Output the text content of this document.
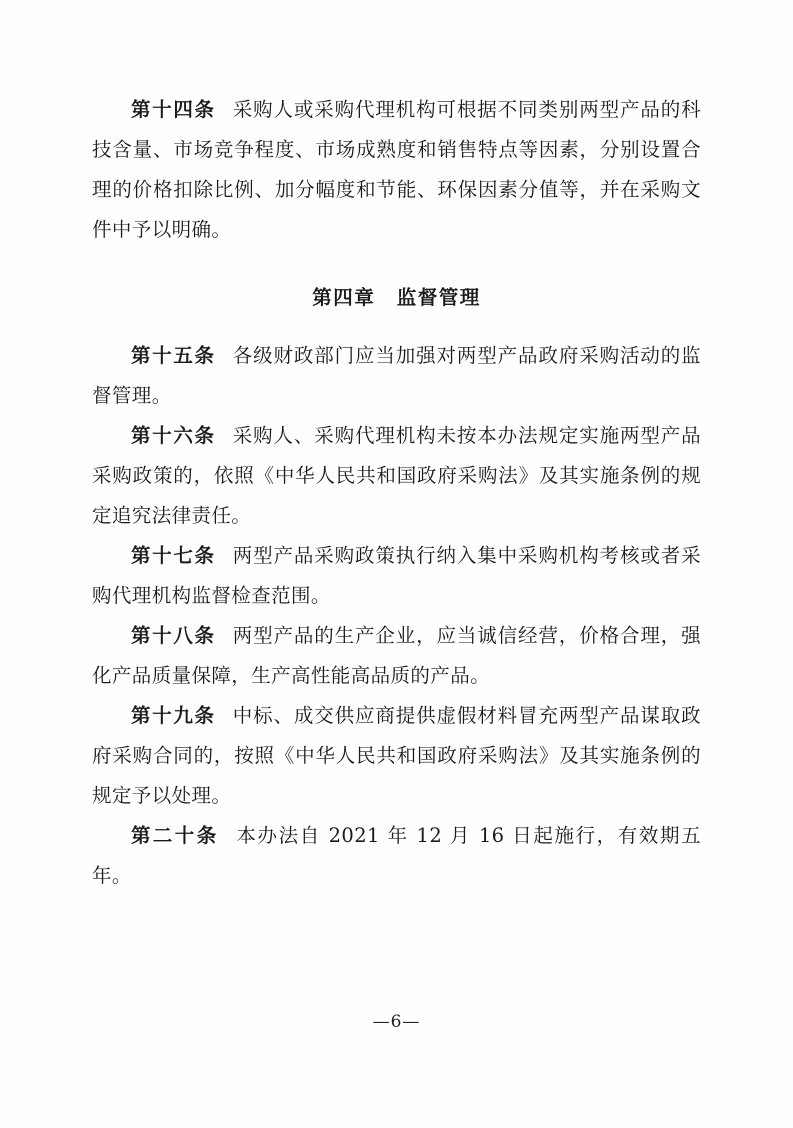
第十四条 采购人或采购代理机构可根据不同类别两型产品的科技含量、市场竞争程度、市场成熟度和销售特点等因素，分别设置合理的价格扣除比例、加分幅度和节能、环保因素分值等，并在采购文件中予以明确。

第四章 监督管理

第十五条 各级财政部门应当加强对两型产品政府采购活动的监督管理。

第十六条 采购人、采购代理机构未按本办法规定实施两型产品采购政策的，依照《中华人民共和国政府采购法》及其实施条例的规定追究法律责任。

第十七条 两型产品采购政策执行纳入集中采购机构考核或者采购代理机构监督检查范围。

第十八条 两型产品的生产企业，应当诚信经营，价格合理，强化产品质量保障，生产高性能高品质的产品。

第十九条 中标、成交供应商提供虚假材料冒充两型产品谋取政府采购合同的，按照《中华人民共和国政府采购法》及其实施条例的规定予以处理。

第二十条 本办法自 2021 年 12 月 16 日起施行，有效期五年。

—6—
